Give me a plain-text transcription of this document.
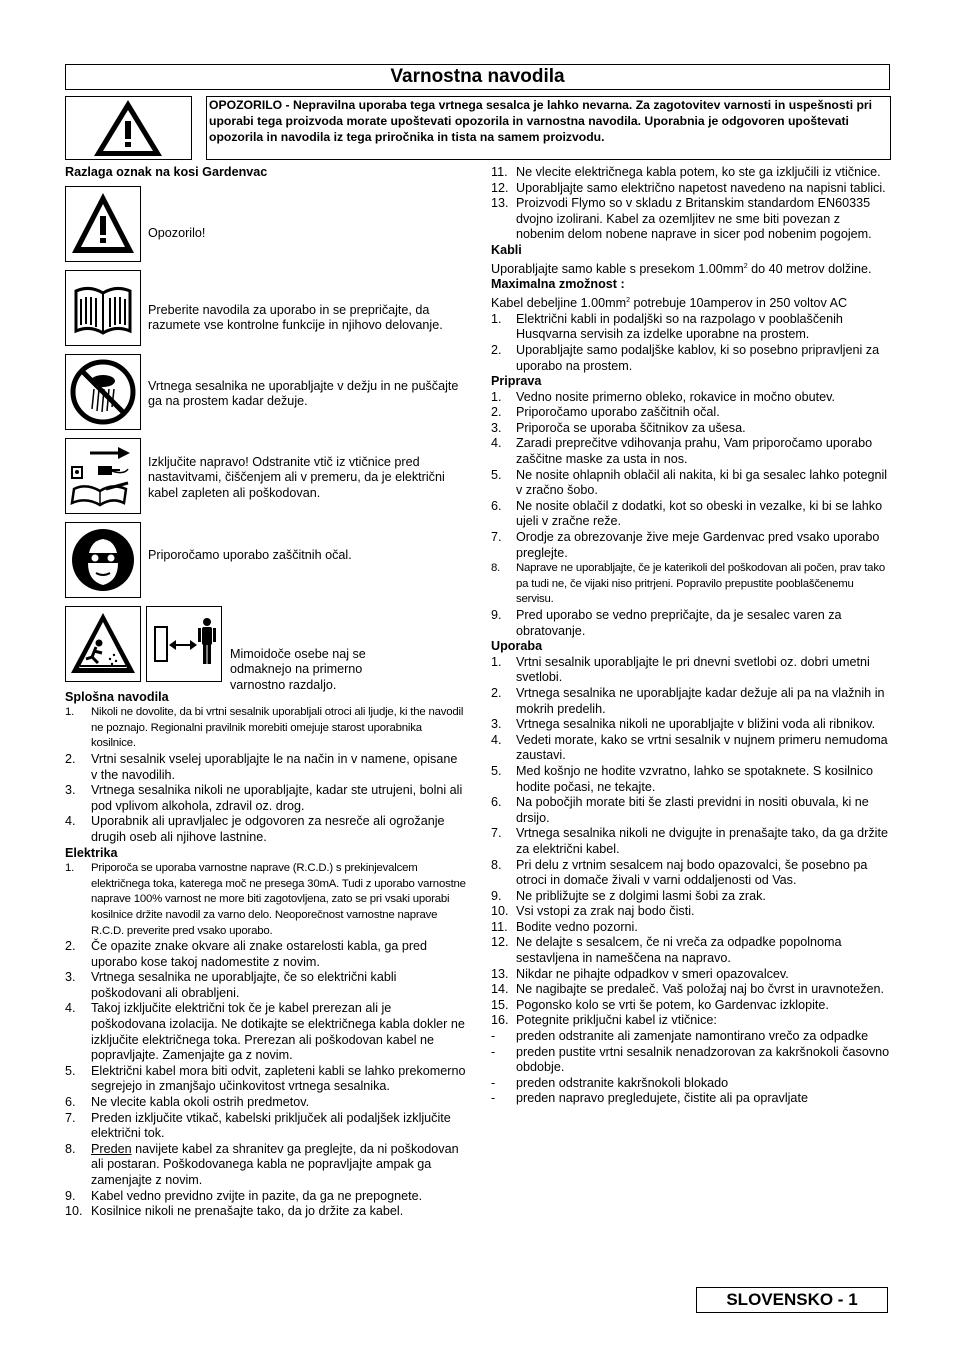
Varnostna navodila
OPOZORILO - Nepravilna uporaba tega vrtnega sesalca je lahko nevarna. Za zagotovitev varnosti in uspešnosti pri uporabi tega proizvoda morate upoštevati opozorila in varnostna navodila. Uporabnia je odgovoren upoštevati opozorila in navodila iz tega priročnika in tista na samem proizvodu.
Razlaga oznak na kosi Gardenvac
Opozorilo!
Preberite navodila za uporabo in se prepričajte, da razumete vse kontrolne funkcije in njihovo delovanje.
Vrtnega sesalnika ne uporabljajte v dežju in ne puščajte ga na prostem kadar dežuje.
Izključite napravo! Odstranite vtič iz vtičnice pred nastavitvami, čiščenjem ali v premeru, da je električni kabel zapleten ali poškodovan.
Priporočamo uporabo zaščitnih očal.
Mimoidoče osebe naj se odmaknejo na primerno varnostno razdaljo.
Splošna navodila
1. Nikoli ne dovolite, da bi vrtni sesalnik uporabljali otroci ali ljudje, ki the navodil ne poznajo. Regionalni pravilnik morebiti omejuje starost uporabnika kosilnice.
2. Vrtni sesalnik vselej uporabljajte le na način in v namene, opisane v the navodilih.
3. Vrtnega sesalnika nikoli ne uporabljajte, kadar ste utrujeni, bolni ali pod vplivom alkohola, zdravil oz. drog.
4. Uporabnik ali upravljalec je odgovoren za nesreče ali ogrožanje drugih oseb ali njihove lastnine.
Elektrika
1. Priporoča se uporaba varnostne naprave (R.C.D.) s prekinjevalcem električnega toka, katerega moč ne presega 30mA. Tudi z uporabo varnostne naprave 100% varnost ne more biti zagotovljena, zato se pri vsaki uporabi kosilnice držite navodil za varno delo. Neoporečnost varnostne naprave R.C.D. preverite pred vsako uporabo.
2. Če opazite znake okvare ali znake ostarelosti kabla, ga pred uporabo kose takoj nadomestite z novim.
3. Vrtnega sesalnika ne uporabljajte, če so električni kabli poškodovani ali obrabljeni.
4. Takoj izključite električni tok če je kabel prerezan ali je poškodovana izolacija. Ne dotikajte se električnega kabla dokler ne izključite električnega toka. Prerezan ali poškodovan kabel ne popravljajte. Zamenjajte ga z novim.
5. Električni kabel mora biti odvit, zapleteni kabli se lahko prekomerno segrejejo in zmanjšajo učinkovitost vrtnega sesalnika.
6. Ne vlecite kabla okoli ostrih predmetov.
7. Preden izključite vtikač, kabelski priključek ali podaljšek izključite električni tok.
8. Preden navijete kabel za shranitev ga preglejte, da ni poškodovan ali postaran. Poškodovanega kabla ne popravljajte ampak ga zamenjajte z novim.
9. Kabel vedno previdno zvijte in pazite, da ga ne prepognete.
10. Kosilnice nikoli ne prenašajte tako, da jo držite za kabel.
11. Ne vlecite električnega kabla potem, ko ste ga izključili iz vtičnice.
12. Uporabljajte samo električno napetost navedeno na napisni tablici.
13. Proizvodi Flymo so v skladu z Britanskim standardom EN60335 dvojno izolirani. Kabel za ozemljitev ne sme biti povezan z nobenim delom nobene naprave in sicer pod nobenim pogojem.
Kabli
Uporabljajte samo kable s presekom $1.00mm^2$ do 40 metrov dolžine.
Maximalna zmožnost :
Kabel debeljine $1.00mm^2$ potrebuje 10amperov in 250 voltov AC
1. Električni kabli in podaljški so na razpolago v pooblaščenih Husqvarna servisih za izdelke uporabne na prostem.
2. Uporabljajte samo podaljške kablov, ki so posebno pripravljeni za uporabo na prostem.
Priprava
1. Vedno nosite primerno obleko, rokavice in močno obutev.
2. Priporočamo uporabo zaščitnih očal.
3. Priporoča se uporaba ščitnikov za ušesa.
4. Zaradi preprečitve vdihovanja prahu, Vam priporočamo uporabo zaščitne maske za usta in nos.
5. Ne nosite ohlapnih oblačil ali nakita, ki bi ga sesalec lahko potegnil v zračno šobo.
6. Ne nosite oblačil z dodatki, kot so obeski in vezalke, ki bi se lahko ujeli v zračne reže.
7. Orodje za obrezovanje žive meje Gardenvac pred vsako uporabo preglejte.
8. Naprave ne uporabljajte, če je katerikoli del poškodovan ali počen, prav tako pa tudi ne, če vijaki niso pritrjeni. Popravilo prepustite pooblaščenemu servisu.
9. Pred uporabo se vedno prepričajte, da je sesalec varen za obratovanje.
Uporaba
1. Vrtni sesalnik uporabljajte le pri dnevni svetlobi oz. dobri umetni svetlobi.
2. Vrtnega sesalnika ne uporabljajte kadar dežuje ali pa na vlažnih in mokrih predelih.
3. Vrtnega sesalnika nikoli ne uporabljajte v bližini voda ali ribnikov.
4. Vedeti morate, kako se vrtni sesalnik v nujnem primeru nemudoma zaustavi.
5. Med košnjo ne hodite vzvratno, lahko se spotaknete. S kosilnico hodite počasi, ne tekajte.
6. Na pobočjih morate biti še zlasti previdni in nositi obuvala, ki ne drsijo.
7. Vrtnega sesalnika nikoli ne dvigujte in prenašajte tako, da ga držite za električni kabel.
8. Pri delu z vrtnim sesalcem naj bodo opazovalci, še posebno pa otroci in domače živali v varni oddaljenosti od Vas.
9. Ne približujte se z dolgimi lasmi šobi za zrak.
10. Vsi vstopi za zrak naj bodo čisti.
11. Bodite vedno pozorni.
12. Ne delajte s sesalcem, če ni vreča za odpadke popolnoma sestavljena in nameščena na napravo.
13. Nikdar ne pihajte odpadkov v smeri opazovalcev.
14. Ne nagibajte se predaleč. Vaš položaj naj bo čvrst in uravnotežen.
15. Pogonsko kolo se vrti še potem, ko Gardenvac izklopite.
16. Potegnite priključni kabel iz vtičnice:
- preden odstranite ali zamenjate namontirano vrečo za odpadke
- preden pustite vrtni sesalnik nenadzorovan za kakršnokoli časovno obdobje.
- preden odstranite kakršnokoli blokado
- preden napravo pregledujete, čistite ali pa opravljate
SLOVENSKO - 1
